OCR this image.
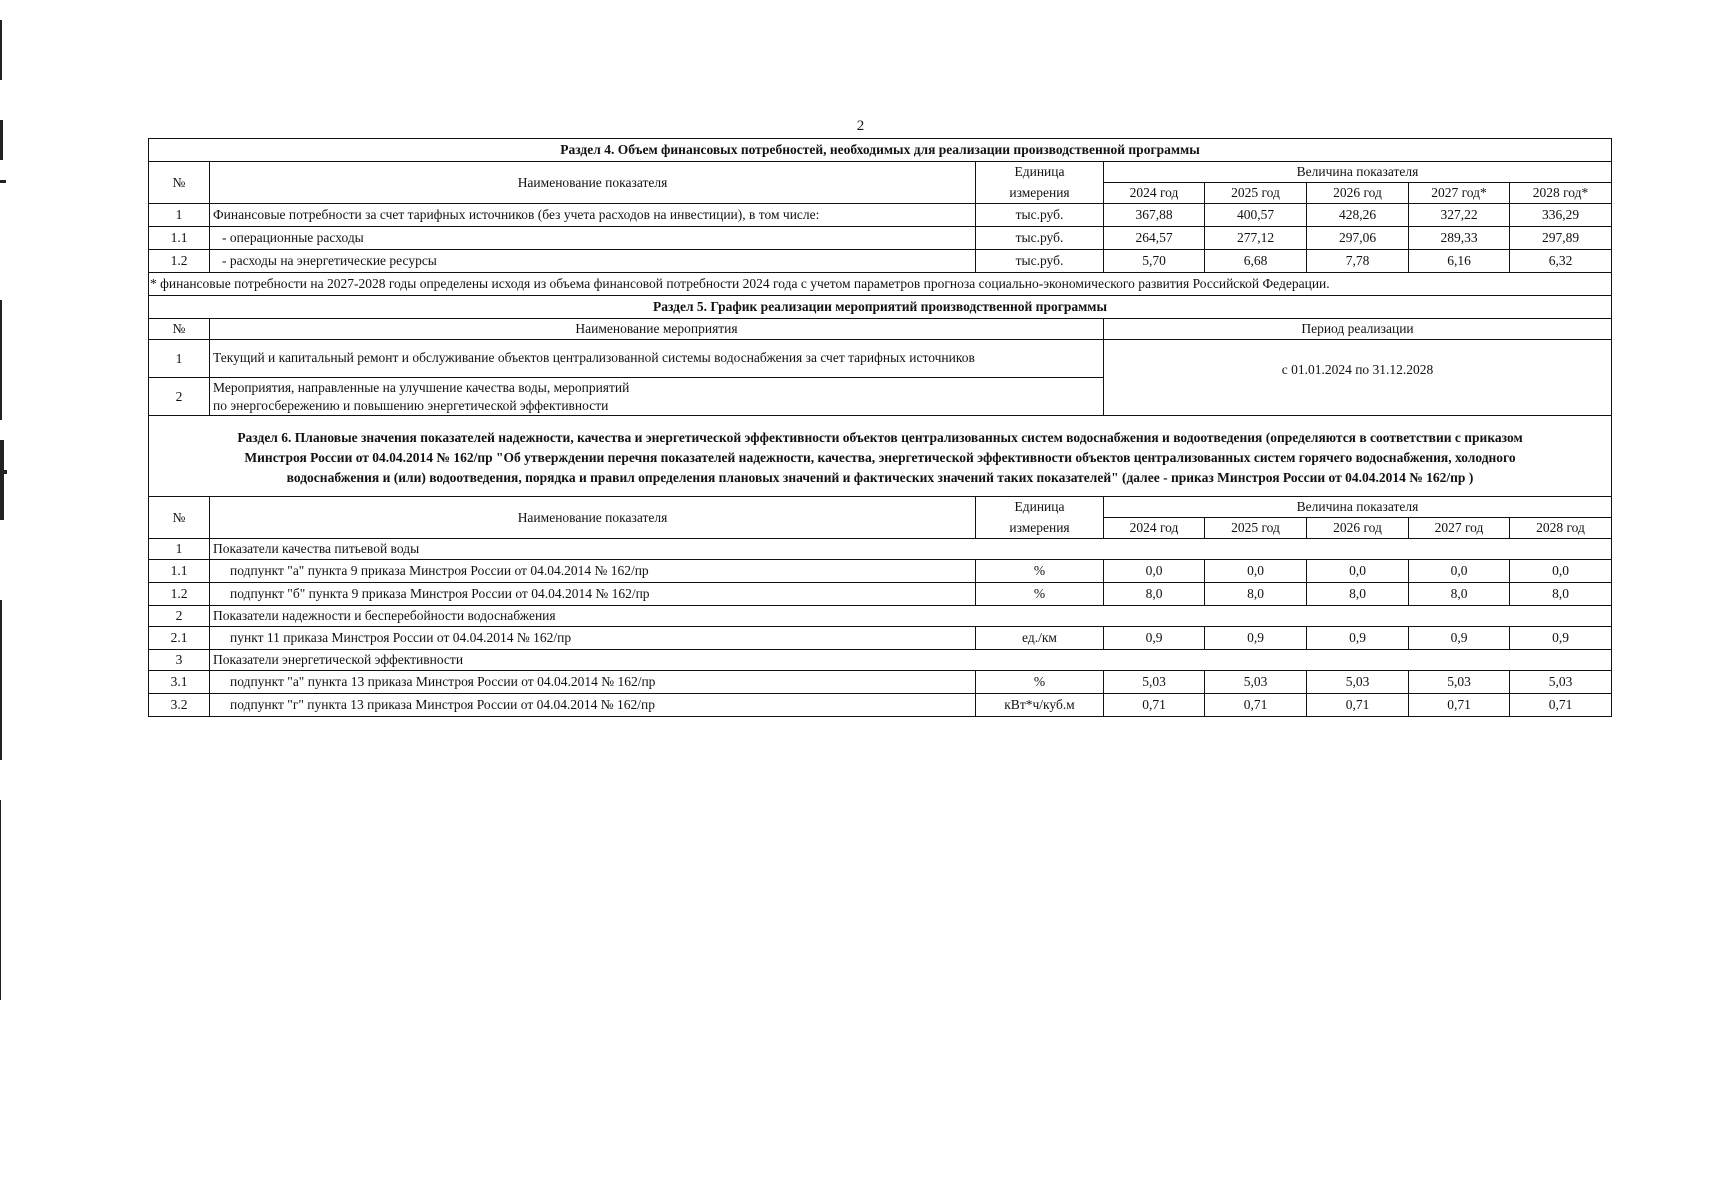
2
Раздел 4. Объем финансовых потребностей, необходимых для реализации производственной программы							
№	Наименование показателя	Единица	Величина показателя				
		измерения	2024 год	2025 год	2026 год	2027 год*	2028 год*
1	Финансовые потребности за счет тарифных источников (без учета расходов на инвестиции), в том числе:	тыс.руб.	367,88	400,57	428,26	327,22	336,29
1.1	- операционные расходы	тыс.руб.	264,57	277,12	297,06	289,33	297,89
1.2	- расходы на энергетические ресурсы	тыс.руб.	5,70	6,68	7,78	6,16	6,32
* финансовые потребности на 2027-2028 годы определены исходя из объема финансовой потребности 2024 года с учетом параметров прогноза социально-экономического развития Российской Федерации.							
Раздел 5. График реализации мероприятий производственной программы							
№	Наименование мероприятия		Период реализации				
1	Текущий и капитальный ремонт и обслуживание объектов централизованной системы водоснабжения за счет тарифных источников		с 01.01.2024 по 31.12.2028				
2	Мероприятия, направленные на улучшение качества воды, мероприятий
по энергосбережению и повышению энергетической эффективности						

Раздел 6. Плановые значения показателей надежности, качества и энергетической эффективности объектов централизованных систем водоснабжения и водоотведения (определяются в соответствии с приказом
Минстроя России от 04.04.2014 № 162/пр "Об утверждении перечня показателей надежности, качества, энергетической эффективности объектов централизованных систем горячего водоснабжения, холодного
водоснабжения и (или) водоотведения, порядка и правил определения плановых значений и фактических значений таких показателей" (далее - приказ Минстроя России от 04.04.2014 № 162/пр )							

№	Наименование показателя	Единица	Величина показателя				
		измерения	2024 год	2025 год	2026 год	2027 год	2028 год
1	Показатели качества питьевой воды						
1.1	подпункт "а" пункта 9 приказа Минстроя России от 04.04.2014 № 162/пр	%	0,0	0,0	0,0	0,0	0,0
1.2	подпункт "б" пункта 9 приказа Минстроя России от 04.04.2014 № 162/пр	%	8,0	8,0	8,0	8,0	8,0
2	Показатели надежности и бесперебойности водоснабжения						
2.1	пункт 11 приказа Минстроя России от 04.04.2014 № 162/пр	ед./км	0,9	0,9	0,9	0,9	0,9
3	Показатели энергетической эффективности						
3.1	подпункт "а" пункта 13 приказа Минстроя России от 04.04.2014 № 162/пр	%	5,03	5,03	5,03	5,03	5,03
3.2	подпункт "г" пункта 13 приказа Минстроя России от 04.04.2014 № 162/пр	кВт*ч/куб.м	0,71	0,71	0,71	0,71	0,71
